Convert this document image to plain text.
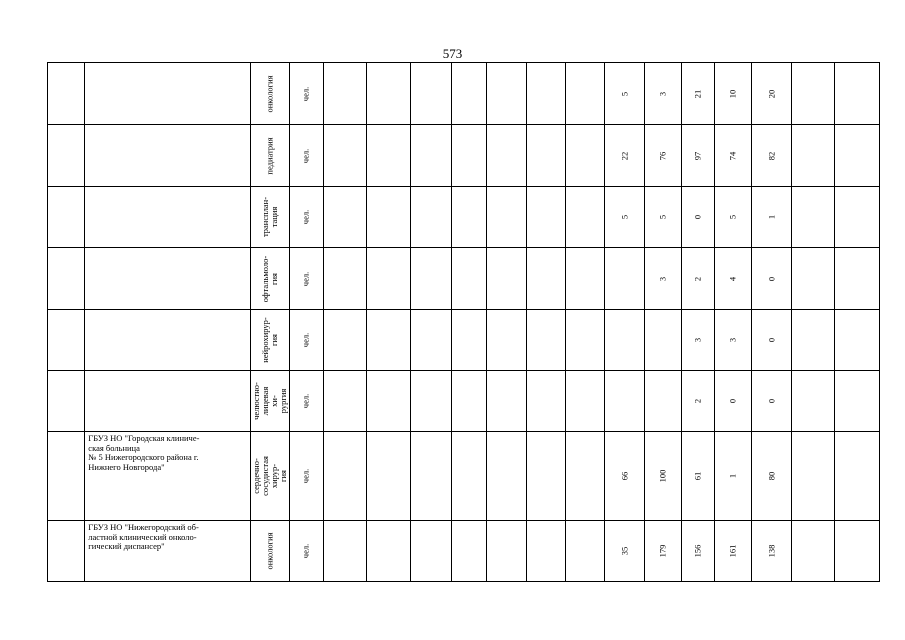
573

		онкология	чел.								5	3	21	10	20		

		педиатрия	чел.								22	76	97	74	82		

		трансплан-
тация	чел.								5	5	0	5	1		

		офтальмоло-
гия	чел.									3	2	4	0		

		нейрохирур-
гия	чел.										3	3	0		

		челюстно-
лицевая хи-
рургия	чел.										2	0	0		

	ГБУЗ НО "Городская клиниче-
ская больница
№ 5 Нижегородского района г.
Нижнего Новгорода"	сердечно-
сосудистая хирур-
гия	чел.								66	100	61	1	80		

	ГБУЗ НО "Нижегородский об-
ластной клинический онколо-
гический диспансер"	онкология	чел.								35	179	156	161	138		
